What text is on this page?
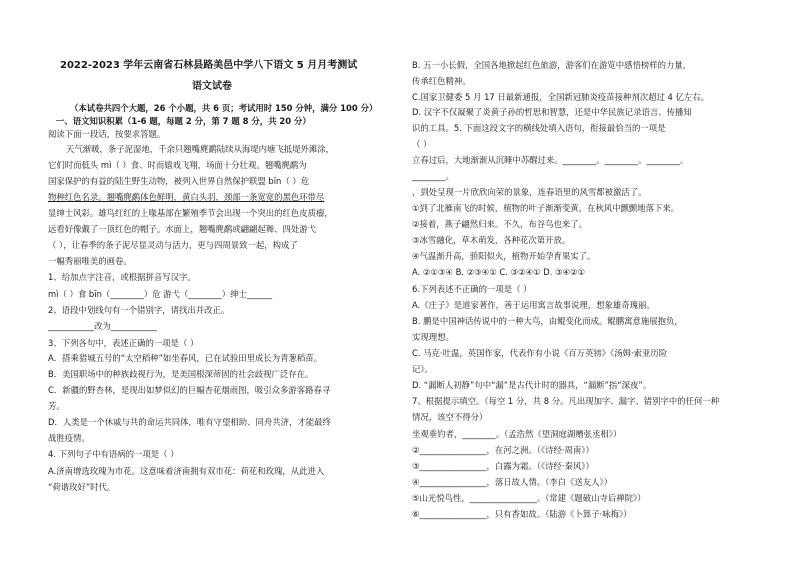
2022-2023 学年云南省石林县路美邑中学八下语文 5 月月考测试
语文试卷
（本试卷共四个大题，26 个小题，共 6 页；考试用时 150 分钟，满分 100 分）
一、语文知识积累（1-6 题，每题 2 分，第 7 题 8 分，共 20 分）
阅读下面一段话，按要求答题。
天气渐暖，条子泥湿地，千余只翘嘴麂鹬陆续从海堤内塘飞抵堤外滩涂，
它们时而低头 mì（ ）食、时而嬉戏飞翔，场面十分壮观。翘嘴麂鹬为
国家保护的有益的陆生野生动物，被列入世界自然保护联盟 bīn（ ）危
物种红色名录。翘嘴麂鹬体色鲜明，黄白头羽，颈部一条宽宽的黑色环带尽
显绅士风彩。雄鸟红红的上喙基部在繁殖季节会出现一个突出的红色皮质瘤，
远看好像戴了一顶红色的帽子。水面上，翘嘴麂鹬或翩翩起舞、四处游弋
（ ），让春季的条子泥尽显灵动与活力，更与四周景致一起，构成了
一幅秀丽唯美的画卷。
1、给加点字注音，或根据拼音写汉字。
mì（ ）食 bīn（________）危 游弋（________）绅士______
2、语段中划线句有一个错别字，请找出并改正。
___________改为___________
3、下列各句中，表述正确的一项是（ ）
A．搭乘猎城五号的“太空稻种”如坐春风，已在试验田里成长为青葱稻苗。
B．美国职场中的种族歧视行为，是美国根深蒂固的社会歧视广泛存在。
C．新疆的野杏林，是现出如梦似幻的巨幅杏花烟雨图，吸引众多游客路春寻
芳。
D．人类是一个休戚与共的命运共同体，唯有守望相助、同舟共济，才能最终
战胜疫情。
4. 下列句子中有语病的一项是（ ）
A.济南增选玫瑰为市花。这意味着济南拥有双市花：荷花和玫瑰，从此进入
“荷谐玫好”时代。
B. 五一小长假，全国各地掀起红色旅游，游客们在游览中感悟榜样的力量，
传承红色精神。
C.国家卫健委 5 月 17 日最新通报，全国新冠肺炎疫苗接种剂次超过 4 亿左右。
D. 汉字不仅凝聚了炎黄子孙的哲思和智慧，还是中华民族记录语言、传播知
识的工具。5. 下面这段文字的横线处填入语句，衔接最恰当的一项是
（ ）
立春过后，大地渐渐从沉睡中苏醒过来。________。________。________。
________。
，到处呈现一片欣欣向荣的景象，连春语里的风雪都被激活了。
①到了北雁南飞的时候，植物的叶子渐渐变黄，在秋风中颤颤地落下来。
②接着，燕子翩然归来。不久，布谷鸟也来了。
③冰雪融化，草木萌发，各种花次第开放。
④气温渐升高，骄阳似火，植物开始孕育果实了。
A. ②①③④ B. ②③④① C. ③②④① D. ③④②①
6.下列表述不正确的一项是（ ）
A.《庄子》是道家著作，善于运用寓言故事说理，想象雄奇瑰丽。
B. 鹏是中国神话传说中的一种大鸟，由鲲变化而成。鲲鹏寓意施展抱负，
实现理想。
C. 马克·吐温，英国作家，代表作有小说《百万英镑》《汤姆·索亚历险
记》。
D. “漏断人初静”句中“漏”是古代计时的器具，“漏断”指“深夜”。
7、根据提示填空。（每空 1 分，共 8 分。凡出现加字、漏字、错别字中的任何一种
情况，该空不得分）
坐观垂钓者，________。（孟浩然《望洞庭湖赠张丞相》）
②________________，在河之洲。（《诗经·周南》）
③________________，白露为霜。（《诗经·秦风》）
④________________，落日故人情。（李白《送友人》）
⑤山光悦鸟性，________________。（常建《题破山寺后禅院》）
⑥________________，只有香如故。（陆游《卜算子·咏梅》）
